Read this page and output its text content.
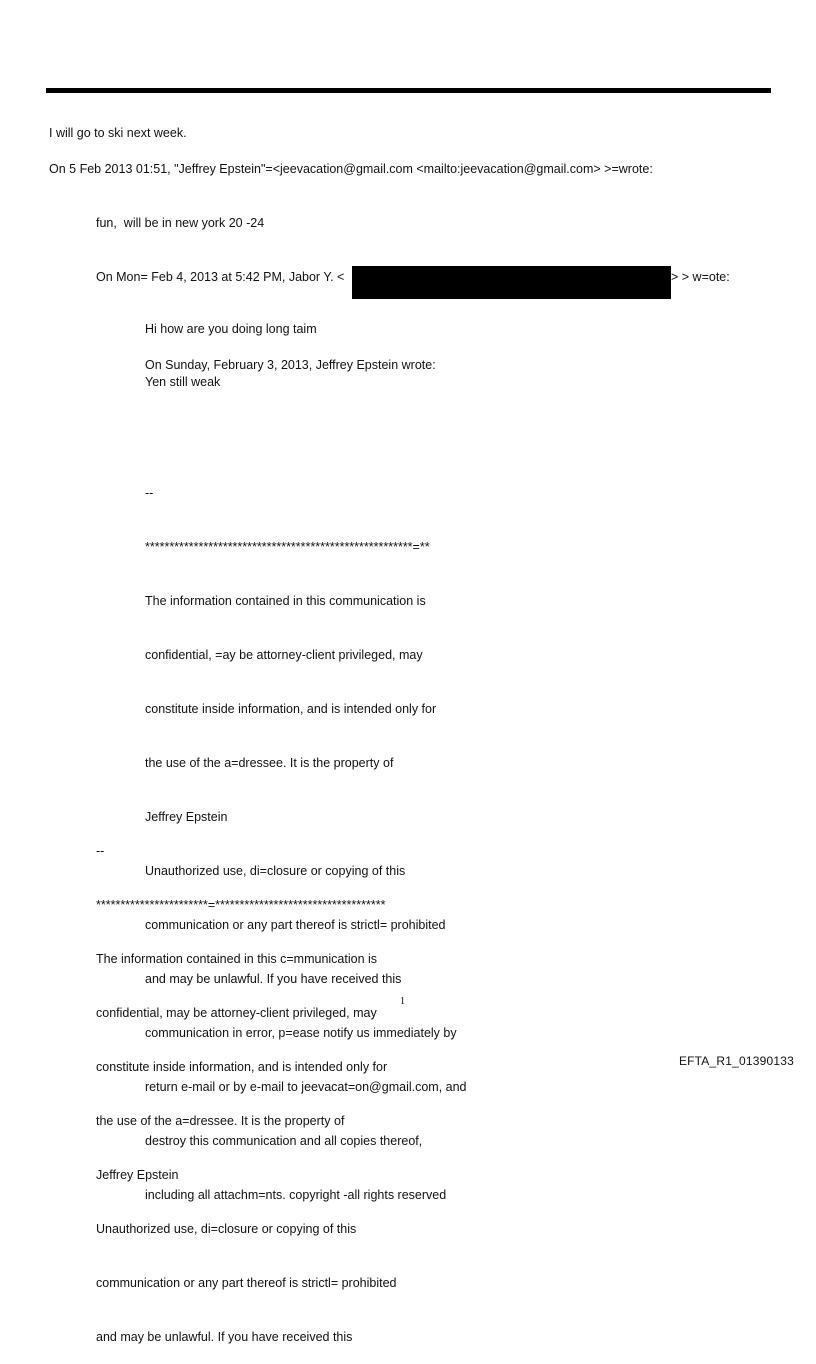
I will go to ski next week.
On 5 Feb 2013 01:51, "Jeffrey Epstein"=<jeevacation@gmail.com <mailto:jeevacation@gmail.com> >=wrote:
fun,  will be in new york 20 -24
On Mon= Feb 4, 2013 at 5:42 PM, Jabor Y. <	> > w=ote:
Hi how are you doing long taim
On Sunday, February 3, 2013, Jeffrey Epstein wrote:
Yen still weak

--

*******************************************************=**

The information contained in this communication is

confidential, =ay be attorney-client privileged, may

constitute inside information, and is intended only for

the use of the a=dressee. It is the property of

Jeffrey Epstein

Unauthorized use, di=closure or copying of this

communication or any part thereof is strictl= prohibited

and may be unlawful. If you have received this

communication in error, p=ease notify us immediately by

return e-mail or by e-mail to jeevacat=on@gmail.com, and

destroy this communication and all copies thereof,

including all attachm=nts. copyright -all rights reserved

--

***********************=***********************************

The information contained in this c=mmunication is

confidential, may be attorney-client privileged, may

constitute inside information, and is intended only for

the use of the a=dressee. It is the property of

Jeffrey Epstein

Unauthorized use, di=closure or copying of this

communication or any part thereof is strictl= prohibited

and may be unlawful. If you have received this

1
EFTA_R1_01390133
